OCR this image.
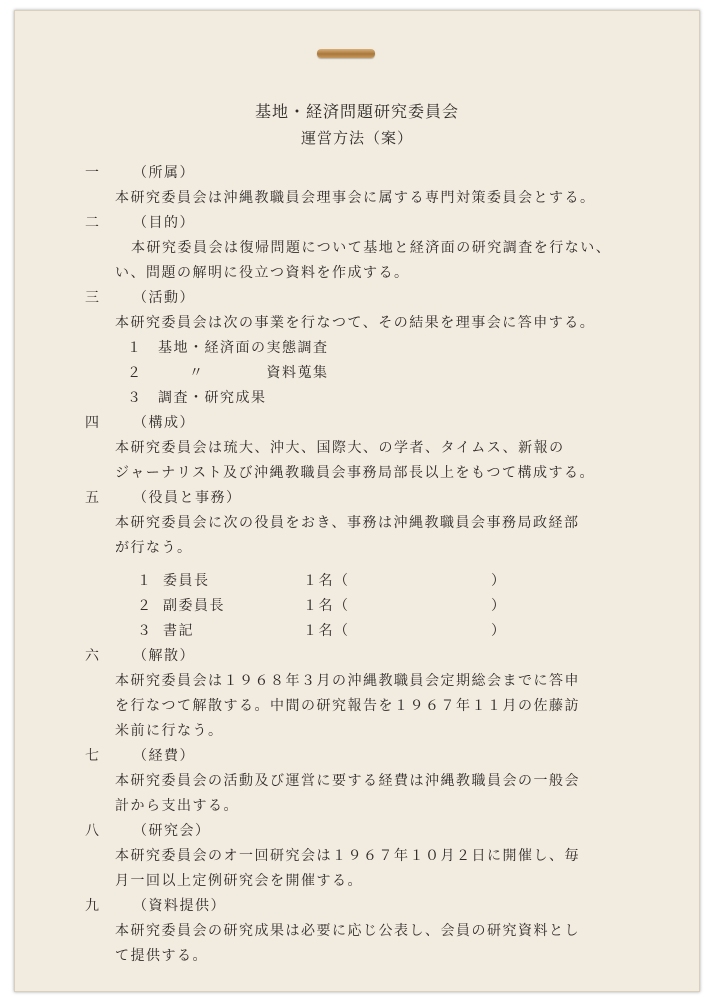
基地・経済問題研究委員会
運営方法（案）
一 （所属）
本研究委員会は沖縄教職員会理事会に属する専門対策委員会とする。
二 （目的）
本研究委員会は復帰問題について基地と経済面の研究調査を行ない、
い、問題の解明に役立つ資料を作成する。
三 （活動）
本研究委員会は次の事業を行なつて、その結果を理事会に答申する。
１　基地・経済面の実態調査
２　　　〃　　　　資料蒐集
３　調査・研究成果
四 （構成）
本研究委員会は琉大、沖大、国際大、の学者、タイムス、新報の
ジャーナリスト及び沖縄教職員会事務局部長以上をもつて構成する。
五 （役員と事務）
本研究委員会に次の役員をおき、事務は沖縄教職員会事務局政経部
が行なう。
１ 委員長	１名（	）
２ 副委員長	１名（	）
３ 書記	１名（	）
六 （解散）
本研究委員会は１９６８年３月の沖縄教職員会定期総会までに答申
を行なつて解散する。中間の研究報告を１９６７年１１月の佐藤訪
米前に行なう。
七 （経費）
本研究委員会の活動及び運営に要する経費は沖縄教職員会の一般会
計から支出する。
八 （研究会）
本研究委員会のオ一回研究会は１９６７年１０月２日に開催し、毎
月一回以上定例研究会を開催する。
九 （資料提供）
本研究委員会の研究成果は必要に応じ公表し、会員の研究資料とし
て提供する。
